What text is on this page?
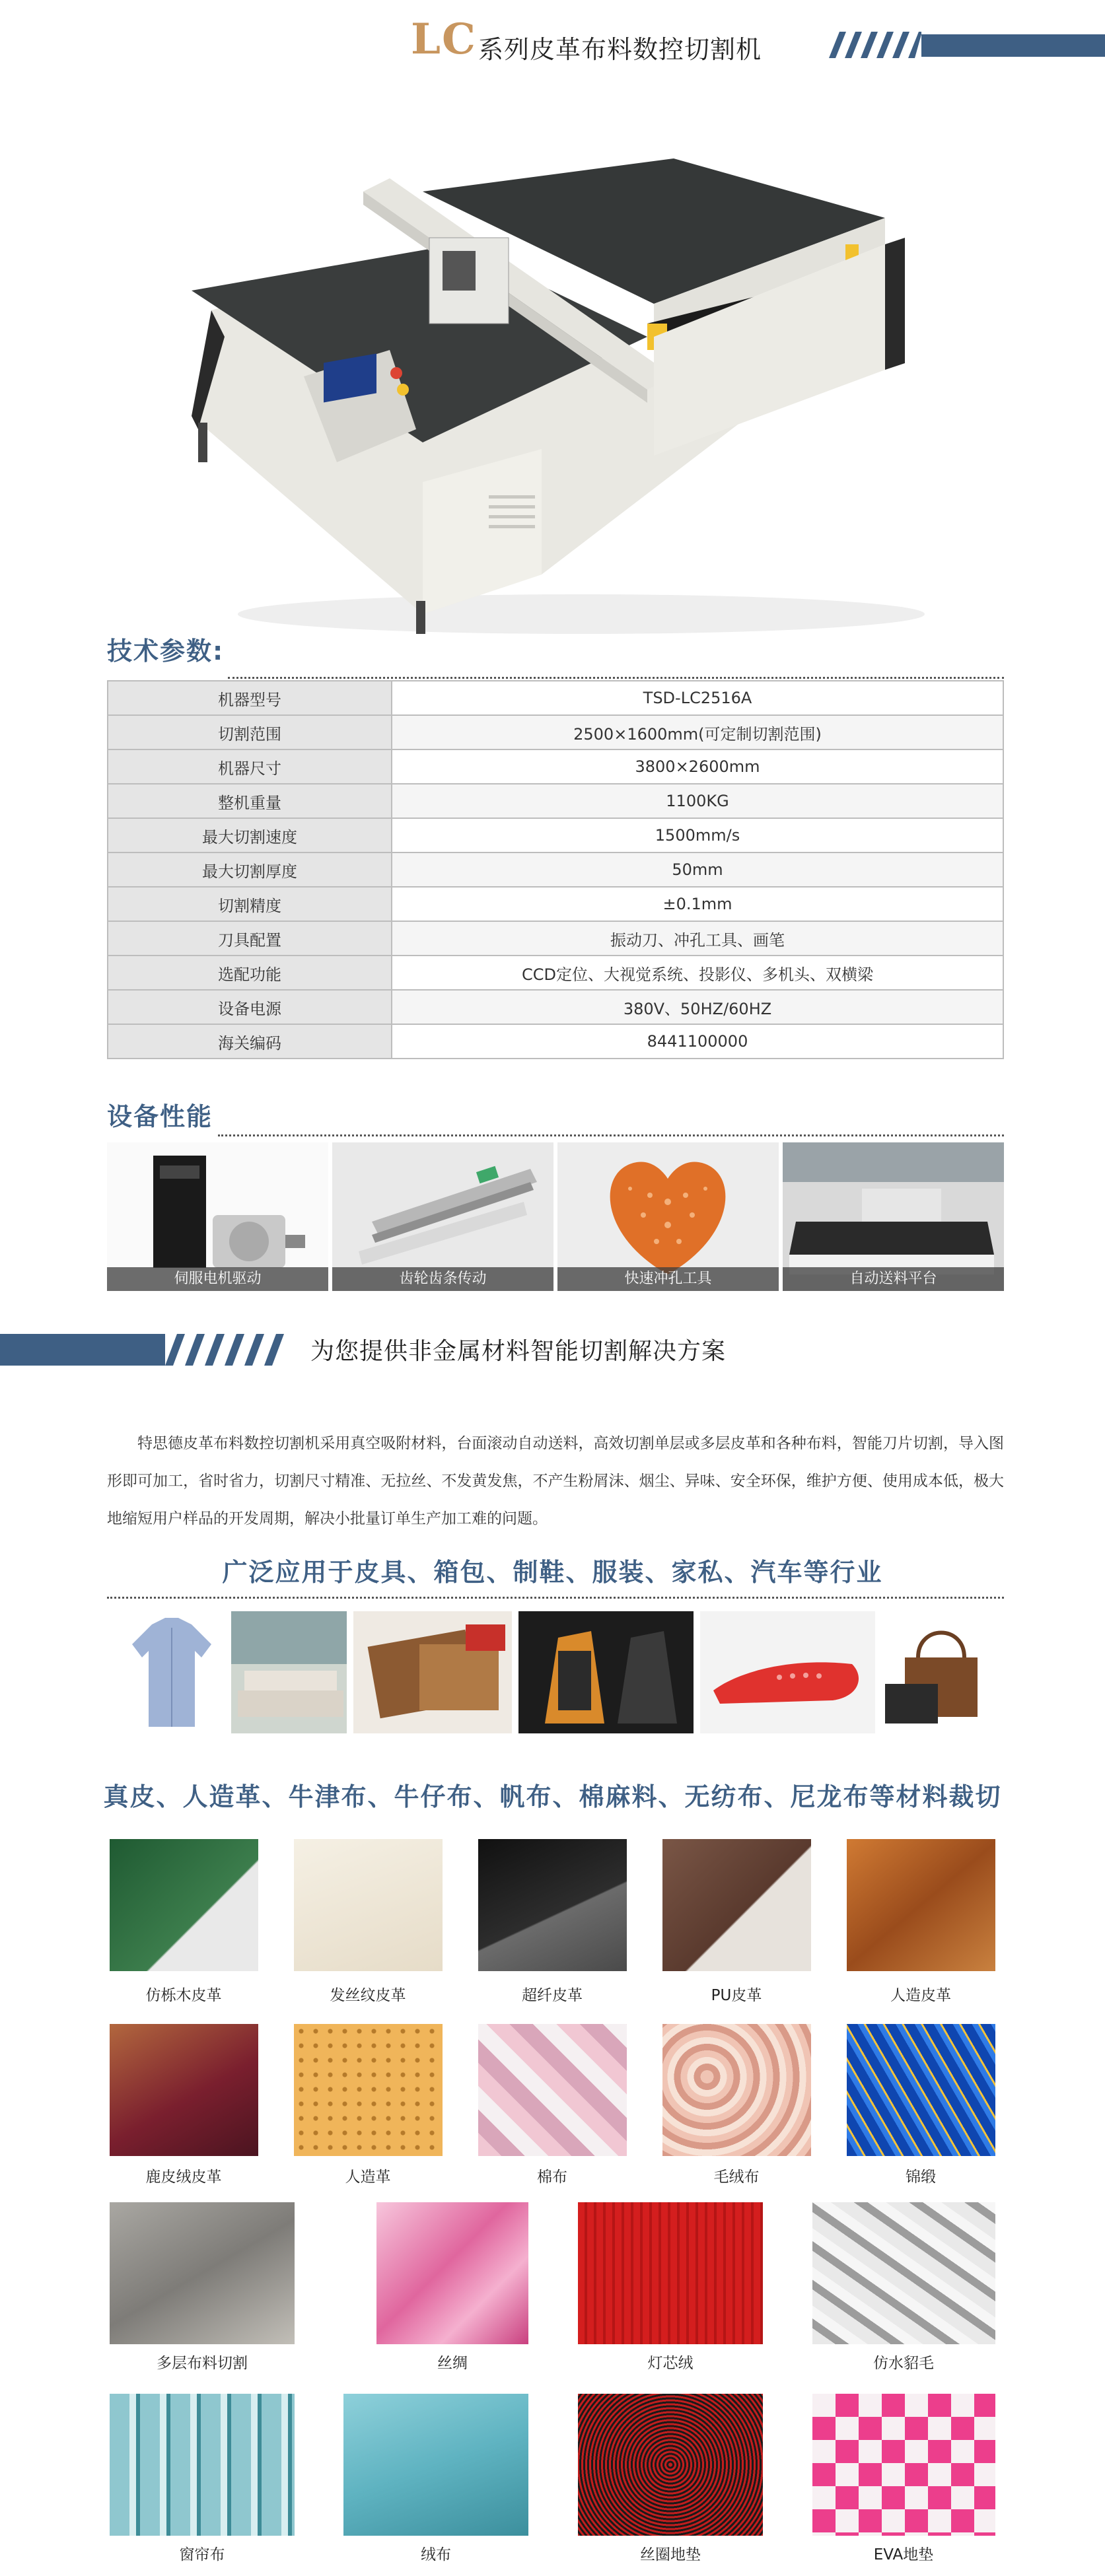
LC 系列皮革布料数控切割机
技术参数:
机器型号	TSD-LC2516A
切割范围	2500×1600mm(可定制切割范围)
机器尺寸	3800×2600mm
整机重量	1100KG
最大切割速度	1500mm/s
最大切割厚度	50mm
切割精度	±0.1mm
刀具配置	振动刀、冲孔工具、画笔
选配功能	CCD定位、大视觉系统、投影仪、多机头、双横梁
设备电源	380V、50HZ/60HZ
海关编码	8441100000
设备性能
伺服电机驱动	齿轮齿条传动	快速冲孔工具	自动送料平台
为您提供非金属材料智能切割解决方案

特思德皮革布料数控切割机采用真空吸附材料，台面滚动自动送料，高效切割单层或多层皮革和各种布料，智能刀片切割，导入图形即可加工，省时省力，切割尺寸精准、无拉丝、不发黄发焦，不产生粉屑沫、烟尘、异味、安全环保，维护方便、使用成本低，极大地缩短用户样品的开发周期，解决小批量订单生产加工难的问题。

广泛应用于皮具、箱包、制鞋、服装、家私、汽车等行业
真皮、人造革、牛津布、牛仔布、帆布、棉麻料、无纺布、尼龙布等材料裁切
仿栎木皮革	发丝纹皮革	超纤皮革	PU皮革	人造皮革
鹿皮绒皮革	人造革	棉布	毛绒布	锦缎
多层布料切割	丝绸	灯芯绒	仿水貂毛
窗帘布	绒布	丝圈地垫	EVA地垫
